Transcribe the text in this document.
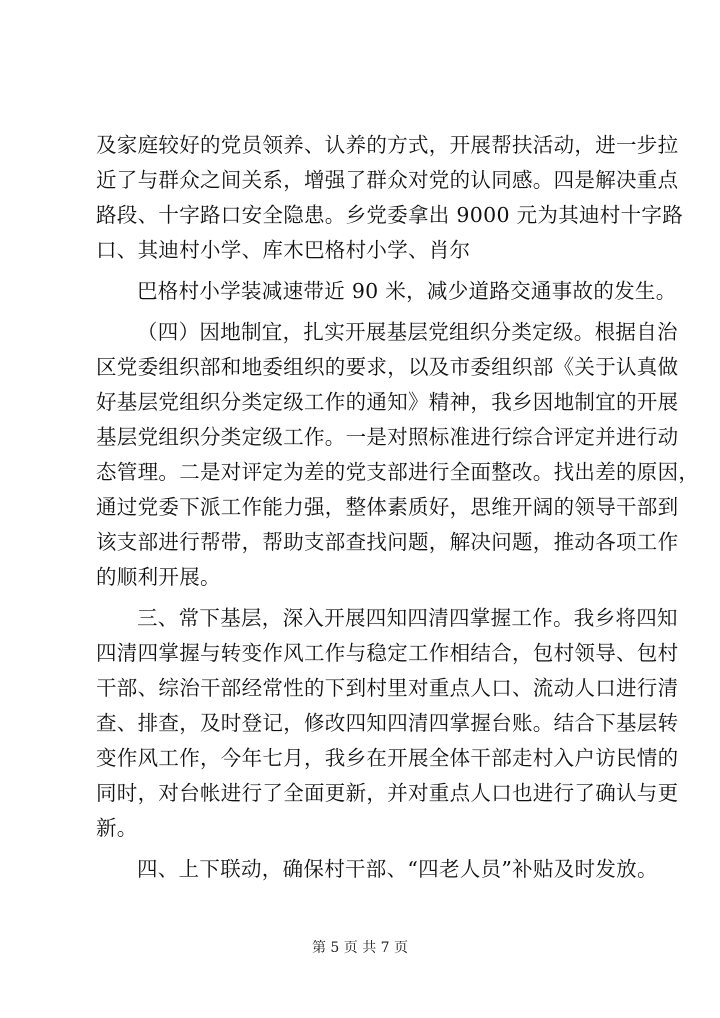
及家庭较好的党员领养、认养的方式，开展帮扶活动，进一步拉
近了与群众之间关系，增强了群众对党的认同感。四是解决重点
路段、十字路口安全隐患。乡党委拿出 9000 元为其迪村十字路
口、其迪村小学、库木巴格村小学、肖尔
巴格村小学装减速带近 90 米，减少道路交通事故的发生。
（四）因地制宜，扎实开展基层党组织分类定级。根据自治
区党委组织部和地委组织的要求，以及市委组织部《关于认真做
好基层党组织分类定级工作的通知》精神，我乡因地制宜的开展
基层党组织分类定级工作。一是对照标准进行综合评定并进行动
态管理。二是对评定为差的党支部进行全面整改。找出差的原因，
通过党委下派工作能力强，整体素质好，思维开阔的领导干部到
该支部进行帮带，帮助支部查找问题，解决问题，推动各项工作
的顺利开展。
三、常下基层，深入开展四知四清四掌握工作。我乡将四知
四清四掌握与转变作风工作与稳定工作相结合，包村领导、包村
干部、综治干部经常性的下到村里对重点人口、流动人口进行清
查、排查，及时登记，修改四知四清四掌握台账。结合下基层转
变作风工作，今年七月，我乡在开展全体干部走村入户访民情的
同时，对台帐进行了全面更新，并对重点人口也进行了确认与更
新。
四、上下联动，确保村干部、“四老人员”补贴及时发放。
第 5 页 共 7 页
